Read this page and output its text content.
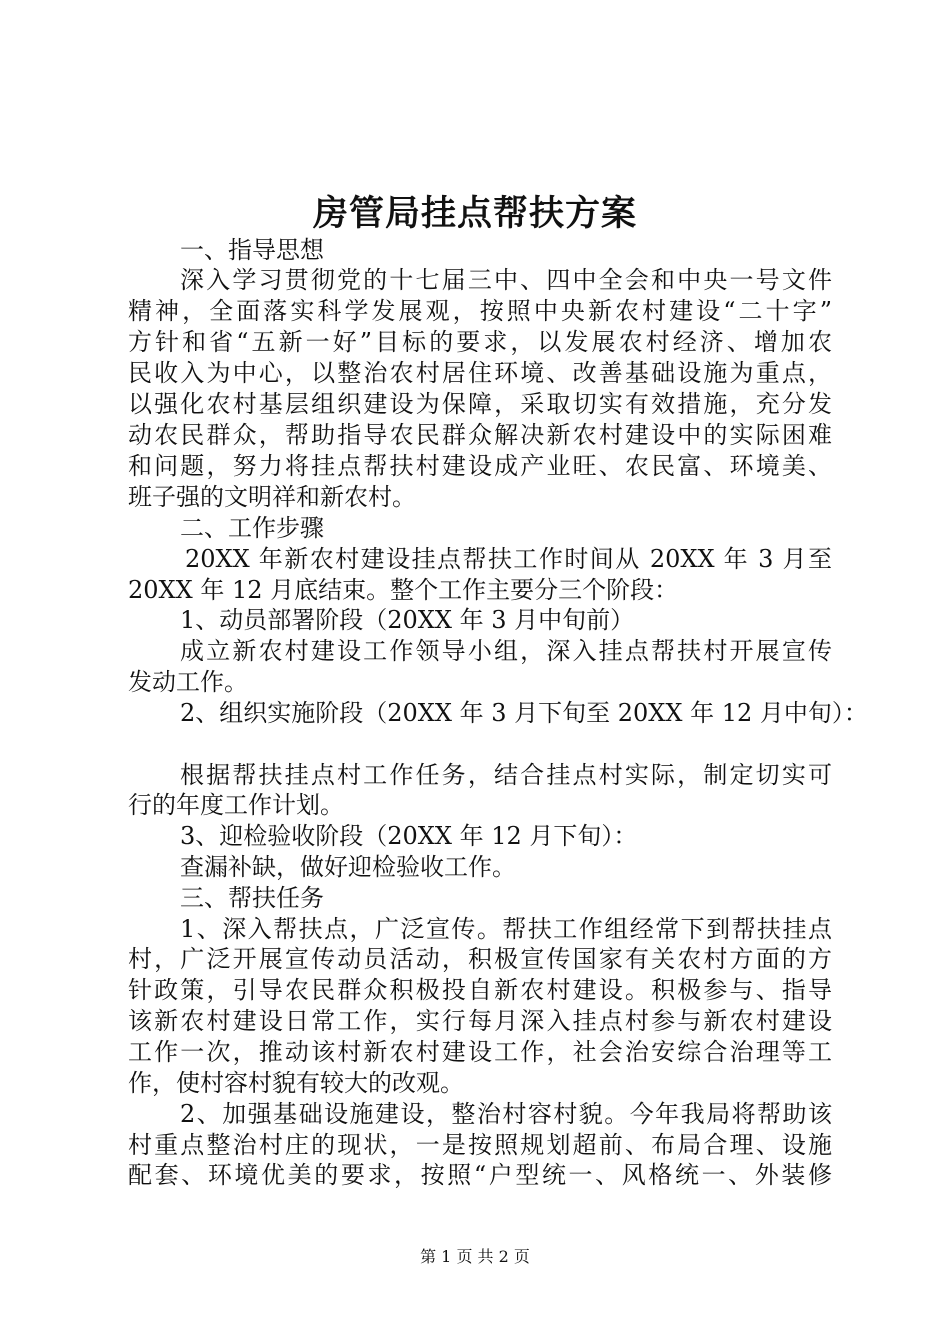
房管局挂点帮扶方案
一、指导思想
深入学习贯彻党的十七届三中、四中全会和中央一号文件
精神，全面落实科学发展观，按照中央新农村建设“二十字”
方针和省“五新一好”目标的要求，以发展农村经济、增加农
民收入为中心，以整治农村居住环境、改善基础设施为重点，
以强化农村基层组织建设为保障，采取切实有效措施，充分发
动农民群众，帮助指导农民群众解决新农村建设中的实际困难
和问题，努力将挂点帮扶村建设成产业旺、农民富、环境美、
班子强的文明祥和新农村。
二、工作步骤
20XX 年新农村建设挂点帮扶工作时间从 20XX 年 3 月至
20XX 年 12 月底结束。整个工作主要分三个阶段：
1、动员部署阶段（20XX 年 3 月中旬前）
成立新农村建设工作领导小组，深入挂点帮扶村开展宣传
发动工作。
2、组织实施阶段（20XX 年 3 月下旬至 20XX 年 12 月中旬）：
根据帮扶挂点村工作任务，结合挂点村实际，制定切实可
行的年度工作计划。
3、迎检验收阶段（20XX 年 12 月下旬）：
查漏补缺，做好迎检验收工作。
三、帮扶任务
1、深入帮扶点，广泛宣传。帮扶工作组经常下到帮扶挂点
村，广泛开展宣传动员活动，积极宣传国家有关农村方面的方
针政策，引导农民群众积极投自新农村建设。积极参与、指导
该新农村建设日常工作，实行每月深入挂点村参与新农村建设
工作一次，推动该村新农村建设工作，社会治安综合治理等工
作，使村容村貌有较大的改观。
2、加强基础设施建设，整治村容村貌。今年我局将帮助该
村重点整治村庄的现状，一是按照规划超前、布局合理、设施
配套、环境优美的要求，按照“户型统一、风格统一、外装修
第 1 页 共 2 页
